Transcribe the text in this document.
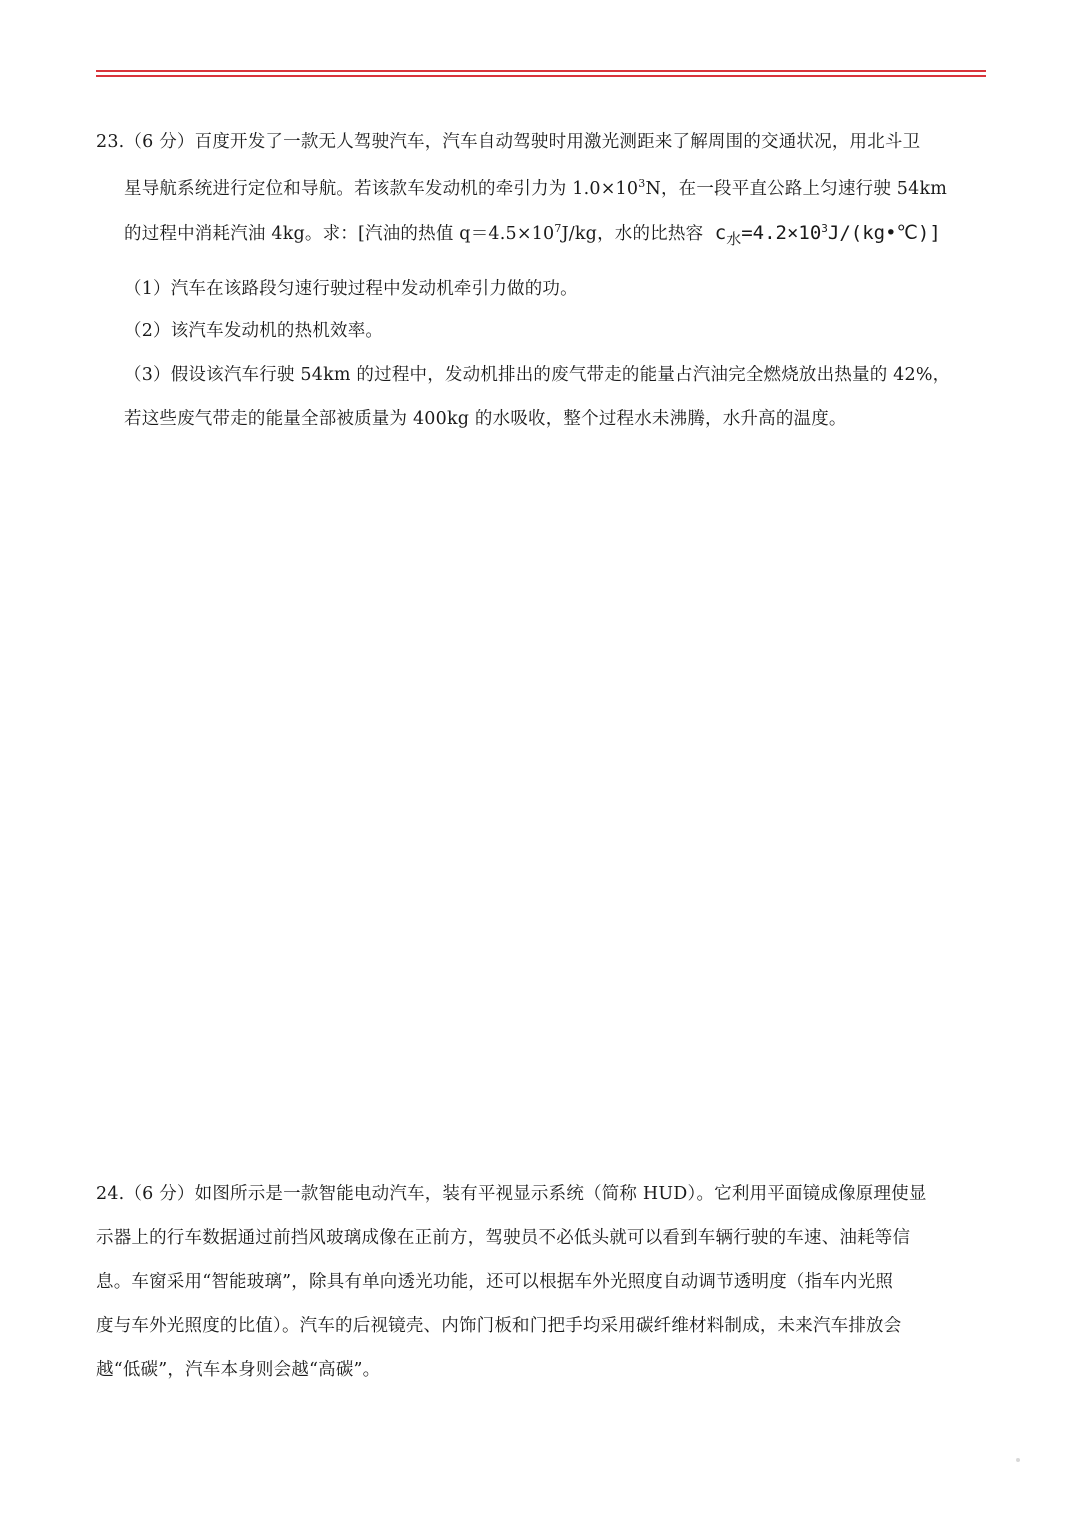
23.（6 分）百度开发了一款无人驾驶汽车，汽车自动驾驶时用激光测距来了解周围的交通状况，用北斗卫

星导航系统进行定位和导航。若该款车发动机的牵引力为 $1.0\times 10^3N$，在一段平直公路上匀速行驶 54km

的过程中消耗汽油 4kg。求：[汽油的热值 $q=4.5\times 10^7J/kg$，水的比热容 $c_水=4.2\times 10^3J/(kg•℃)$]

（1）汽车在该路段匀速行驶过程中发动机牵引力做的功。

（2）该汽车发动机的热机效率。

（3）假设该汽车行驶 54km 的过程中，发动机排出的废气带走的能量占汽油完全燃烧放出热量的 42%，

若这些废气带走的能量全部被质量为 400kg 的水吸收，整个过程水未沸腾，水升高的温度。

24.（6 分）如图所示是一款智能电动汽车，装有平视显示系统（简称 HUD）。它利用平面镜成像原理使显

示器上的行车数据通过前挡风玻璃成像在正前方，驾驶员不必低头就可以看到车辆行驶的车速、油耗等信

息。车窗采用“智能玻璃”，除具有单向透光功能，还可以根据车外光照度自动调节透明度（指车内光照

度与车外光照度的比值）。汽车的后视镜壳、内饰门板和门把手均采用碳纤维材料制成，未来汽车排放会

越“低碳”，汽车本身则会越“高碳”。
